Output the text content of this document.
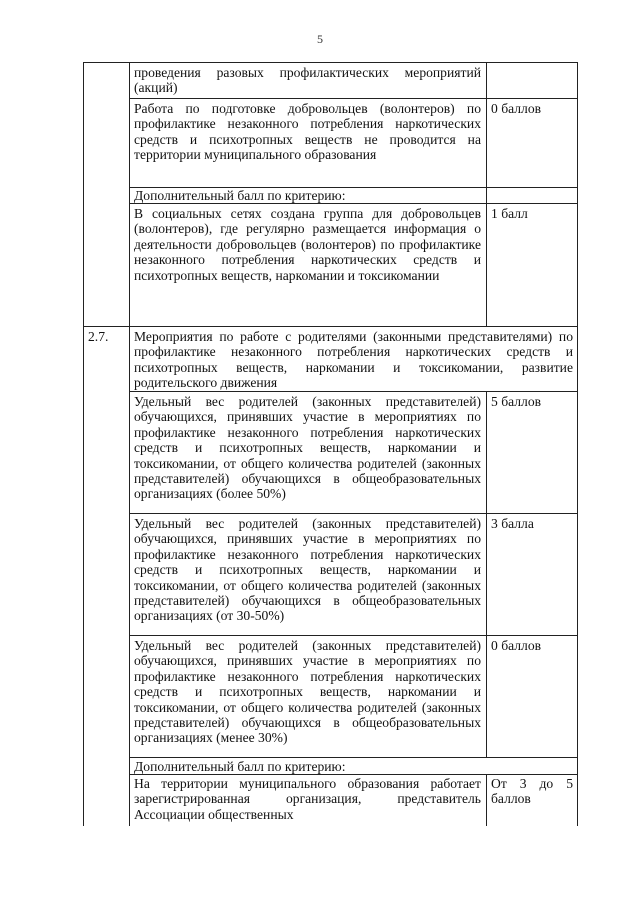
5
проведения разовых профилактических мероприятий (акций)
Работа по подготовке добровольцев (волонтеров) по профилактике незаконного потребления наркотических средств и психотропных веществ не проводится на территории муниципального образования
0 баллов
Дополнительный балл по критерию:
В социальных сетях создана группа для добровольцев (волонтеров), где регулярно размещается информация о деятельности добровольцев (волонтеров) по профилактике незаконного потребления наркотических средств и психотропных веществ, наркомании и токсикомании
1 балл
2.7. Мероприятия по работе с родителями (законными представителями) по профилактике незаконного потребления наркотических средств и психотропных веществ, наркомании и токсикомании, развитие родительского движения
Удельный вес родителей (законных представителей) обучающихся, принявших участие в мероприятиях по профилактике незаконного потребления наркотических средств и психотропных веществ, наркомании и токсикомании, от общего количества родителей (законных представителей) обучающихся в общеобразовательных организациях (более 50%)
5 баллов
Удельный вес родителей (законных представителей) обучающихся, принявших участие в мероприятиях по профилактике незаконного потребления наркотических средств и психотропных веществ, наркомании и токсикомании, от общего количества родителей (законных представителей) обучающихся в общеобразовательных организациях (от 30-50%)
3 балла
Удельный вес родителей (законных представителей) обучающихся, принявших участие в мероприятиях по профилактике незаконного потребления наркотических средств и психотропных веществ, наркомании и токсикомании, от общего количества родителей (законных представителей) обучающихся в общеобразовательных организациях (менее 30%)
0 баллов
Дополнительный балл по критерию:
На территории муниципального образования работает зарегистрированная организация, представитель Ассоциации общественных
От 3 до 5 баллов
